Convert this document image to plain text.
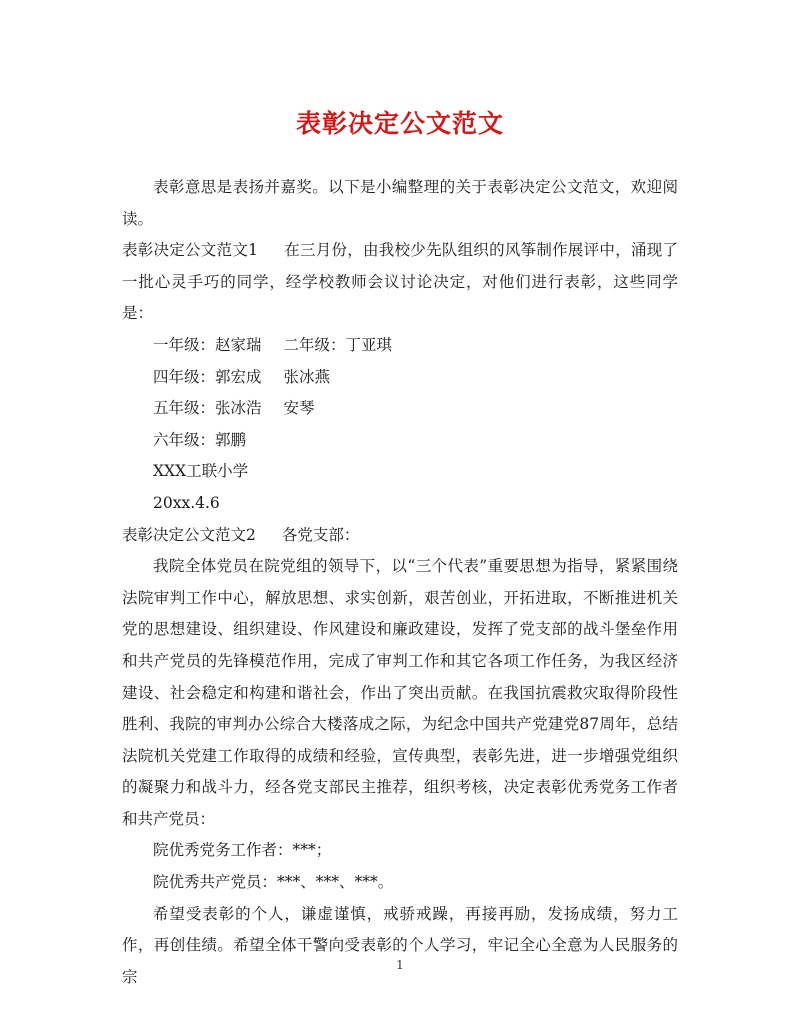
表彰决定公文范文

表彰意思是表扬并嘉奖。以下是小编整理的关于表彰决定公文范文，欢迎阅读。

表彰决定公文范文1 在三月份，由我校少先队组织的风筝制作展评中，涌现了一批心灵手巧的同学，经学校教师会议讨论决定，对他们进行表彰，这些同学是：

一年级：赵家瑞 二年级：丁亚琪

四年级：郭宏成 张冰燕

五年级：张冰浩 安琴

六年级：郭鹏

XXX工联小学

20xx.4.6

表彰决定公文范文2 各党支部：

我院全体党员在院党组的领导下，以“三个代表”重要思想为指导，紧紧围绕法院审判工作中心，解放思想、求实创新，艰苦创业，开拓进取，不断推进机关党的思想建设、组织建设、作风建设和廉政建设，发挥了党支部的战斗堡垒作用和共产党员的先锋模范作用，完成了审判工作和其它各项工作任务，为我区经济建设、社会稳定和构建和谐社会，作出了突出贡献。在我国抗震救灾取得阶段性胜利、我院的审判办公综合大楼落成之际，为纪念中国共产党建党87周年，总结法院机关党建工作取得的成绩和经验，宣传典型，表彰先进，进一步增强党组织的凝聚力和战斗力，经各党支部民主推荐，组织考核，决定表彰优秀党务工作者和共产党员：

院优秀党务工作者：***；

院优秀共产党员：***、***、***。

希望受表彰的个人，谦虚谨慎，戒骄戒躁，再接再励，发扬成绩，努力工作，再创佳绩。希望全体干警向受表彰的个人学习，牢记全心全意为人民服务的宗

1
